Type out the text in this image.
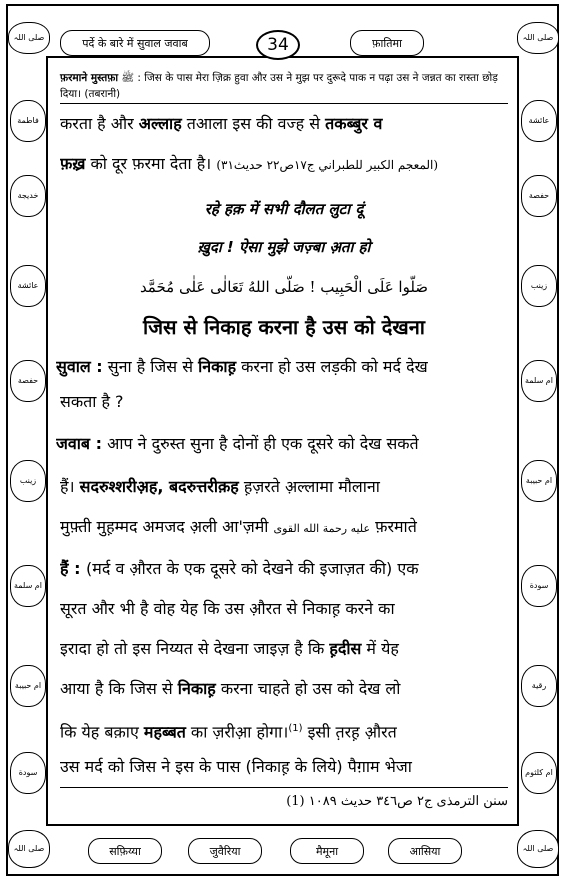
पर्दे के बारे में सुवाल जवाब	34	फ़ातिमा
صلی اللہ	صلی اللہ
فاطمة
خديجة
عائشة
حفصة
زينب
ام سلمة
ام حبيبة
سودة
عائشة
حفصة
زينب
ام سلمة
ام حبيبة
سودة
رقية
ام كلثوم
फ़रमाने मुस्तफ़ा ﷺ : जिस के पास मेरा ज़िक्र हुवा और उस ने मुझ पर दुरूदे पाक न पढ़ा उस ने जन्नत का रास्ता छोड़ दिया। (तबरानी)
करता है और अल्लाह तआला इस की वज्ह से तकब्बुर व
फ़ख़्र को दूर फ़रमा देता है। (المعجم الكبير للطبراني ج١٧ص٢٢ حديث٣١)
रहे हक़ में सभी दौलत लुटा दूं
ख़ुदा ! ऐसा मुझे जज़्बा अ़ता हो
صَلُّوا عَلَى الْحَبِيب ! صَلَّى اللهُ تَعَالٰى عَلٰى مُحَمَّد
जिस से निकाह करना है उस को देखना
सुवाल : सुना है जिस से निकाह़ करना हो उस लड़की को मर्द देख
सकता है ?
जवाब : आप ने दुरुस्त सुना है दोनों ही एक दूसरे को देख सकते
हैं। सदरुश्शरीअ़ह, बदरुत्तरीक़ह ह़ज़रते अ़ल्लामा मौलाना
मुफ़्ती मुह़म्मद अमजद अ़ली आ'ज़मी عليه رحمة الله القوى फ़रमाते
हैं : (मर्द व औ़रत के एक दूसरे को देखने की इजाज़त की) एक
सूरत और भी है वोह येह कि उस औ़रत से निकाह़ करने का
इरादा हो तो इस निय्यत से देखना जाइज़ है कि ह़दीस में येह
आया है कि जिस से निकाह़ करना चाहते हो उस को देख लो
कि येह बक़ाए महब्बत का ज़रीआ़ होगा।$^{(1)}$ इसी त़रह़ औ़रत
उस मर्द को जिस ने इस के पास (निकाह़ के लिये) पैग़ाम भेजा
(1) سنن الترمذى ج٢ ص٣٤٦ حديث ١٠٨٩
सफ़िय्या	जुवैरिया	मैमूना	आसिया
صلی اللہ	صلی اللہ
